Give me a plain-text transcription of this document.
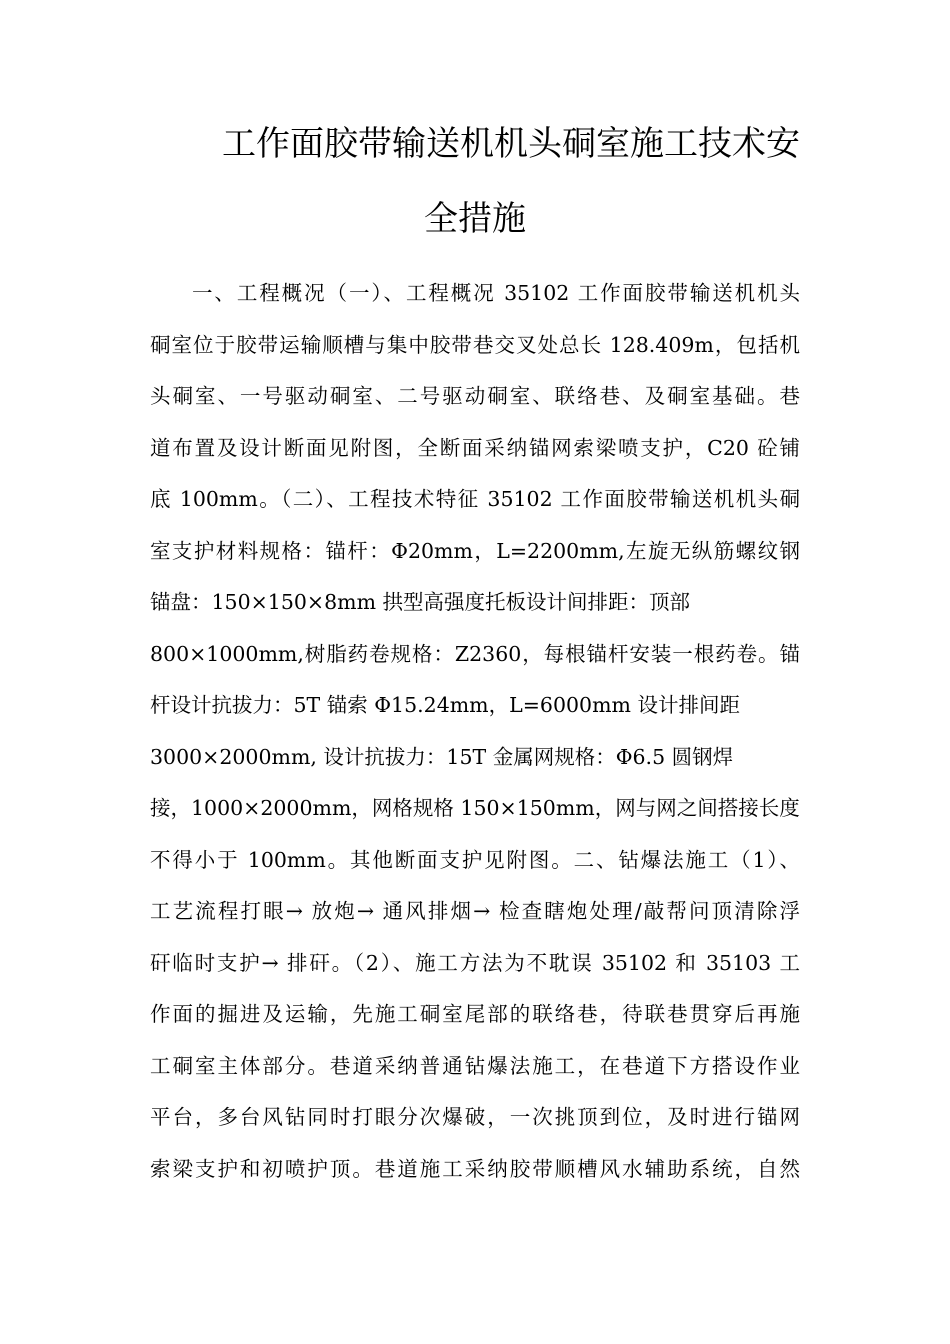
工作面胶带输送机机头硐室施工技术安
全措施
一、工程概况（一）、工程概况 35102 工作面胶带输送机机头
硐室位于胶带运输顺槽与集中胶带巷交叉处总长 128.409m，包括机
头硐室、一号驱动硐室、二号驱动硐室、联络巷、及硐室基础。巷
道布置及设计断面见附图，全断面采纳锚网索梁喷支护，C20 砼铺
底 100mm。（二）、工程技术特征 35102 工作面胶带输送机机头硐
室支护材料规格：锚杆：Φ20mm，L=2200mm,左旋无纵筋螺纹钢
锚盘：150×150×8mm 拱型高强度托板设计间排距：顶部
800×1000mm,树脂药卷规格：Z2360，每根锚杆安装一根药卷。锚
杆设计抗拔力：5T 锚索 Φ15.24mm，L=6000mm 设计排间距
3000×2000mm, 设计抗拔力：15T 金属网规格：Φ6.5 圆钢焊
接，1000×2000mm，网格规格 150×150mm，网与网之间搭接长度
不得小于 100mm。其他断面支护见附图。二、钻爆法施工（1）、
工艺流程打眼→ 放炮→ 通风排烟→ 检查瞎炮处理/敲帮问顶清除浮
矸临时支护→ 排矸。（2）、施工方法为不耽误 35102 和 35103 工
作面的掘进及运输，先施工硐室尾部的联络巷，待联巷贯穿后再施
工硐室主体部分。巷道采纳普通钻爆法施工，在巷道下方搭设作业
平台，多台风钻同时打眼分次爆破，一次挑顶到位，及时进行锚网
索梁支护和初喷护顶。巷道施工采纳胶带顺槽风水辅助系统，自然
